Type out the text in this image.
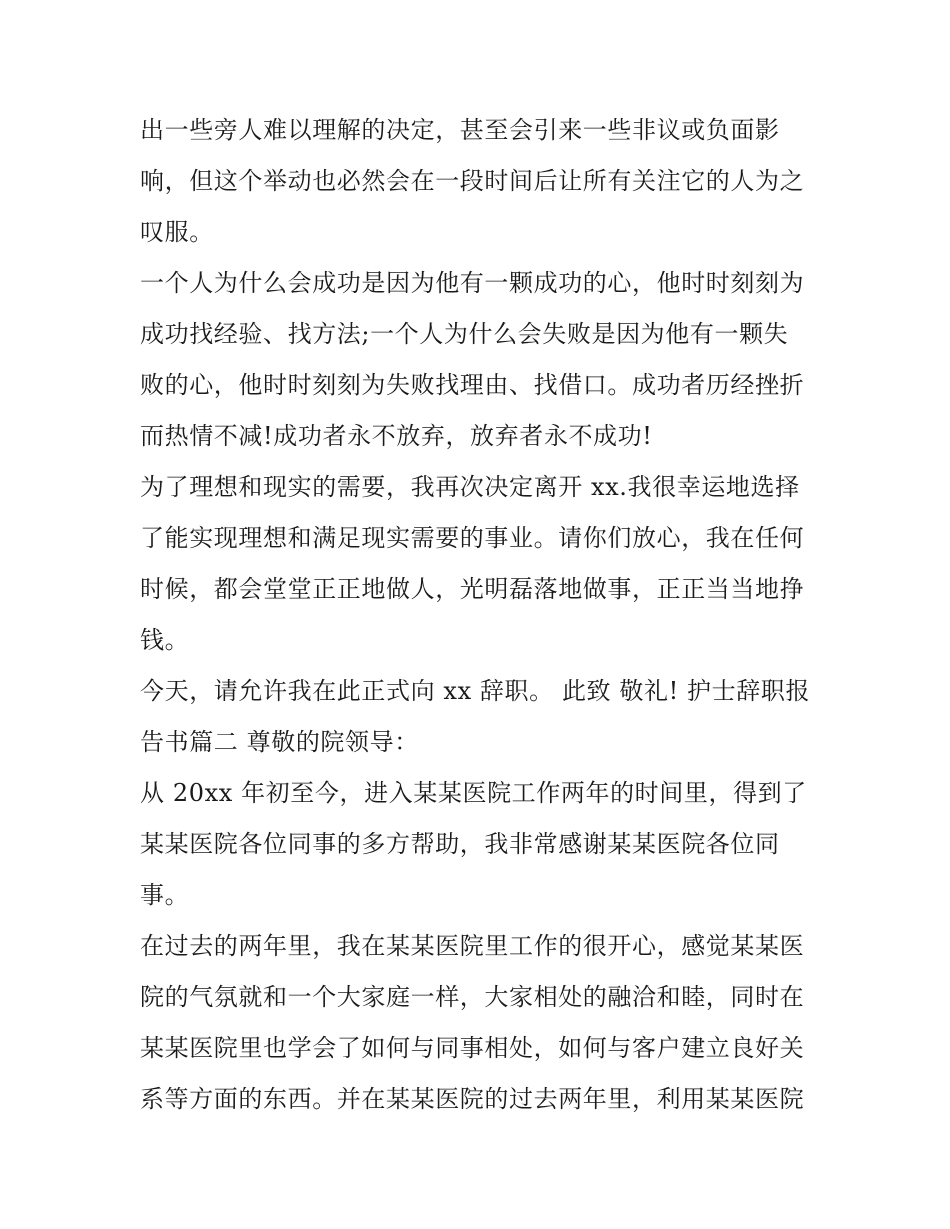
出一些旁人难以理解的决定，甚至会引来一些非议或负面影
响，但这个举动也必然会在一段时间后让所有关注它的人为之
叹服。
一个人为什么会成功是因为他有一颗成功的心，他时时刻刻为
成功找经验、找方法;一个人为什么会失败是因为他有一颗失
败的心，他时时刻刻为失败找理由、找借口。成功者历经挫折
而热情不减!成功者永不放弃，放弃者永不成功!
为了理想和现实的需要，我再次决定离开 xx.我很幸运地选择
了能实现理想和满足现实需要的事业。请你们放心，我在任何
时候，都会堂堂正正地做人，光明磊落地做事，正正当当地挣
钱。
今天，请允许我在此正式向 xx 辞职。 此致 敬礼! 护士辞职报
告书篇二 尊敬的院领导：
从 20xx 年初至今，进入某某医院工作两年的时间里，得到了
某某医院各位同事的多方帮助，我非常感谢某某医院各位同
事。
在过去的两年里，我在某某医院里工作的很开心，感觉某某医
院的气氛就和一个大家庭一样，大家相处的融洽和睦，同时在
某某医院里也学会了如何与同事相处，如何与客户建立良好关
系等方面的东西。并在某某医院的过去两年里，利用某某医院
